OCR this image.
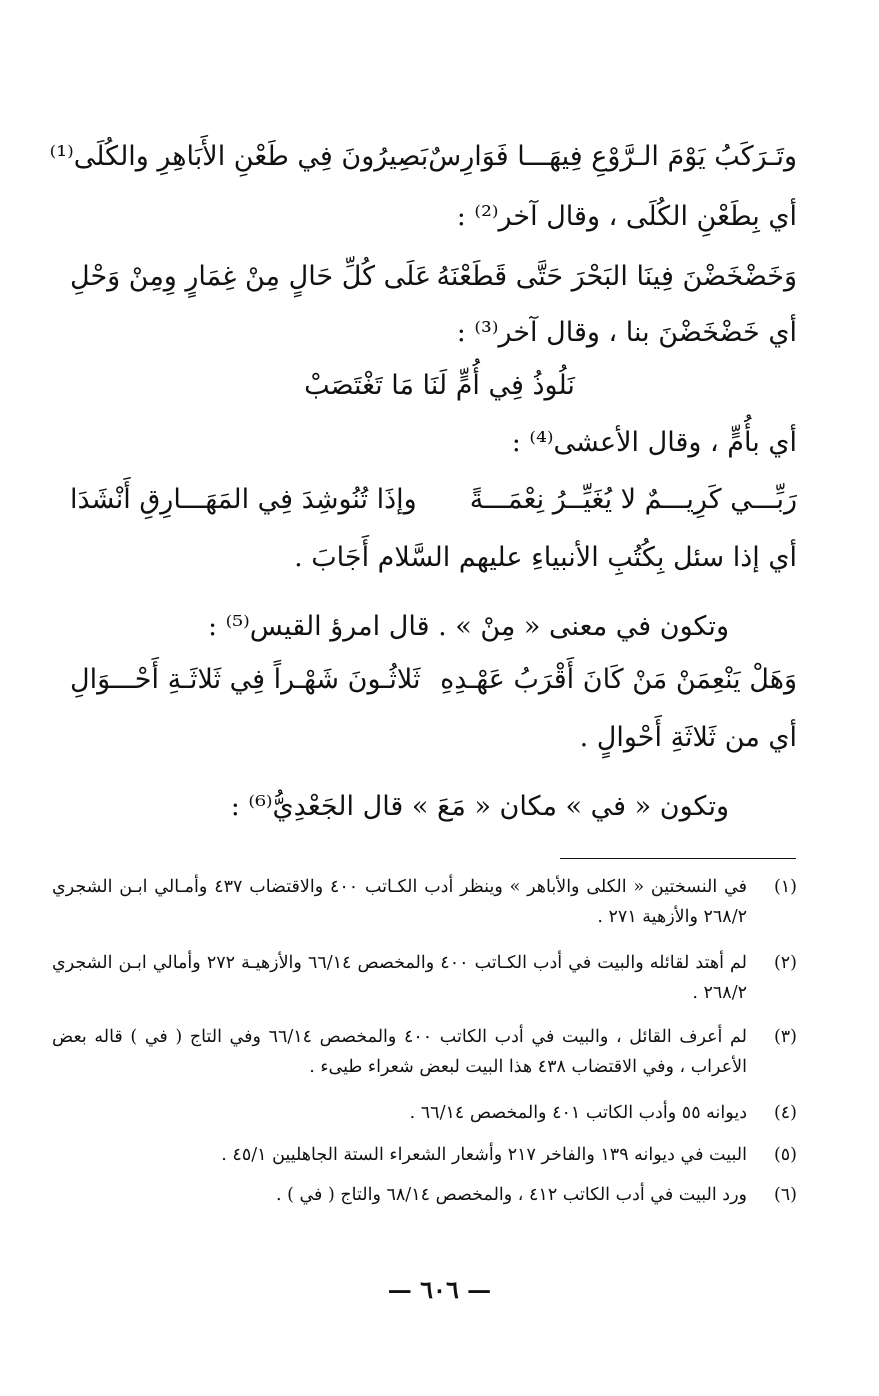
وتَـرَكَبُ يَوْمَ الـرَّوْعِ فِيهَـــا فَوَارِسٌ
بَصِيرُونَ فِي طَعْنِ الأَبَاهِرِ والكُلَى⁽¹⁾
أي بِطَعْنِ الكُلَى ، وقال آخر⁽²⁾ :
وَخَضْخَضْنَ فِينَا البَحْرَ حَتَّى قَطَعْنَهُ
عَلَى كُلِّ حَالٍ مِنْ غِمَارٍ وِمِنْ وَحْلِ
أي خَضْخَضْنَ بنا ، وقال آخر⁽³⁾ :
نَلُوذُ فِي أُمٍّ لَنَا مَا تَغْتَصَبْ
أي بأُمٍّ ، وقال الأعشى⁽⁴⁾ :
رَبِّـــي كَرِيـــمٌ لا يُغَيِّــرُ نِعْمَـــةً
وإذَا تُنُوشِدَ فِي المَهَـــارِقِ أَنْشَدَا
أي إذا سئل بِكُتُبِ الأنبياءِ عليهم السَّلام أَجَابَ .
وتكون في معنى « مِنْ » . قال امرؤ القيس⁽⁵⁾ :
وَهَلْ يَنْعِمَنْ مَنْ كَانَ أَقْرَبُ عَهْـدِهِ
ثَلاثُـونَ شَهْـراً فِي ثَلاثَـةِ أَحْـــوَالِ
أي من ثَلاثَةِ أَحْوالٍ .
وتكون « في » مكان « مَعَ » قال الجَعْدِيُّ⁽⁶⁾ :
(١)
في النسختين « الكلى والأباهر » وينظر أدب الكـاتب ٤٠٠ والاقتضاب ٤٣٧ وأمـالي ابـن الشجري ٢٦٨/٢ والأزهية ٢٧١ .
(٢)
لم أهتد لقائله والبيت في أدب الكـاتب ٤٠٠ والمخصص ٦٦/١٤ والأزهيـة ٢٧٢ وأمالي ابـن الشجري ٢٦٨/٢ .
(٣)
لم أعرف القائل ، والبيت في أدب الكاتب ٤٠٠ والمخصص ٦٦/١٤ وفي التاج ( في ) قاله بعض الأعراب ، وفي الاقتضاب ٤٣٨ هذا البيت لبعض شعراء طيىء .
(٤)
ديوانه ٥٥ وأدب الكاتب ٤٠١ والمخصص ٦٦/١٤ .
(٥)
البيت في ديوانه ١٣٩ والفاخر ٢١٧ وأشعار الشعراء الستة الجاهليين ٤٥/١ .
(٦)
ورد البيت في أدب الكاتب ٤١٢ ، والمخصص ٦٨/١٤ والتاج ( في ) .
— ٦٠٦ —
